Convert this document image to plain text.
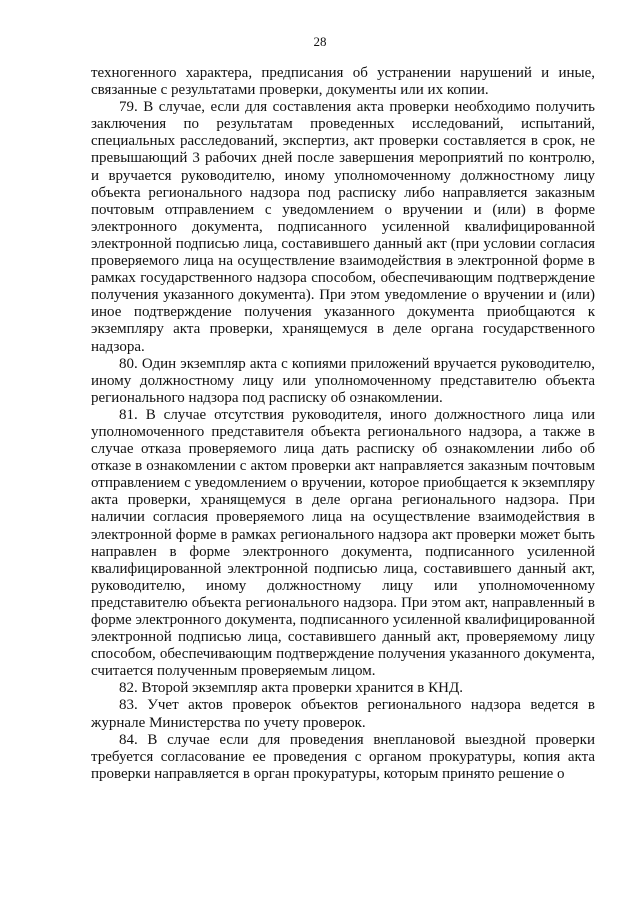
28

техногенного характера, предписания об устранении нарушений и иные, связанные с результатами проверки, документы или их копии.

79. В случае, если для составления акта проверки необходимо получить заключения по результатам проведенных исследований, испытаний, специальных расследований, экспертиз, акт проверки составляется в срок, не превышающий 3 рабочих дней после завершения мероприятий по контролю, и вручается руководителю, иному уполномоченному должностному лицу объекта регионального надзора под расписку либо направляется заказным почтовым отправлением с уведомлением о вручении и (или) в форме электронного документа, подписанного усиленной квалифицированной электронной подписью лица, составившего данный акт (при условии согласия проверяемого лица на осуществление взаимодействия в электронной форме в рамках государственного надзора способом, обеспечивающим подтверждение получения указанного документа). При этом уведомление о вручении и (или) иное подтверждение получения указанного документа приобщаются к экземпляру акта проверки, хранящемуся в деле органа государственного надзора.

80. Один экземпляр акта с копиями приложений вручается руководителю, иному должностному лицу или уполномоченному представителю объекта регионального надзора под расписку об ознакомлении.

81. В случае отсутствия руководителя, иного должностного лица или уполномоченного представителя объекта регионального надзора, а также в случае отказа проверяемого лица дать расписку об ознакомлении либо об отказе в ознакомлении с актом проверки акт направляется заказным почтовым отправлением с уведомлением о вручении, которое приобщается к экземпляру акта проверки, хранящемуся в деле органа регионального надзора. При наличии согласия проверяемого лица на осуществление взаимодействия в электронной форме в рамках регионального надзора акт проверки может быть направлен в форме электронного документа, подписанного усиленной квалифицированной электронной подписью лица, составившего данный акт, руководителю, иному должностному лицу или уполномоченному представителю объекта регионального надзора. При этом акт, направленный в форме электронного документа, подписанного усиленной квалифицированной электронной подписью лица, составившего данный акт, проверяемому лицу способом, обеспечивающим подтверждение получения указанного документа, считается полученным проверяемым лицом.

82. Второй экземпляр акта проверки хранится в КНД.

83. Учет актов проверок объектов регионального надзора ведется в журнале Министерства по учету проверок.

84. В случае если для проведения внеплановой выездной проверки требуется согласование ее проведения с органом прокуратуры, копия акта проверки направляется в орган прокуратуры, которым принято решение о
